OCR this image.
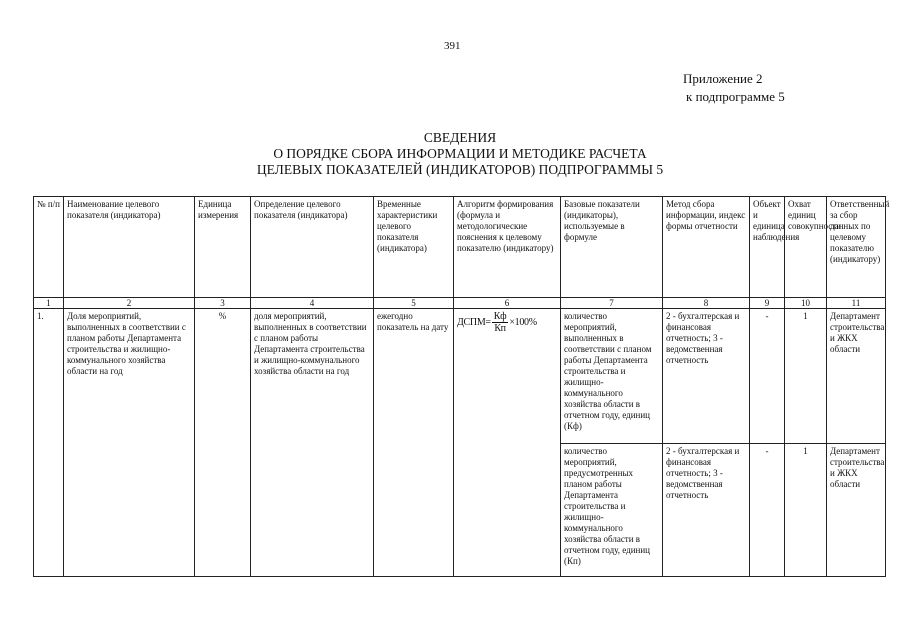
391
Приложение 2
к подпрограмме 5
СВЕДЕНИЯ
О ПОРЯДКЕ СБОРА ИНФОРМАЦИИ И МЕТОДИКЕ РАСЧЕТА
ЦЕЛЕВЫХ ПОКАЗАТЕЛЕЙ (ИНДИКАТОРОВ) ПОДПРОГРАММЫ 5
№ п/п	Наименование целевого показателя (индикатора)	Единица измерения	Определение целевого показателя (индикатора)	Временные характеристики целевого показателя (индикатора)	Алгоритм формирования (формула и методологические пояснения к целевому показателю (индикатору)	Базовые показатели (индикаторы), используемые в формуле	Метод сбора информации, индекс формы отчетности	Объект и единица наблюдения	Охват единиц совокупности	Ответственный за сбор данных по целевому показателю (индикатору)
1	2	3	4	5	6	7	8	9	10	11
1.	Доля мероприятий, выполненных в соответствии с планом работы Департамента строительства и жилищно-коммунального хозяйства области на год	%	доля мероприятий, выполненных в соответствии с планом работы Департамента строительства и жилищно-коммунального хозяйства области на год	ежегодно показатель на дату	ДСПМ = $\frac{Кф}{Кп} \times 100\%$	количество мероприятий, выполненных в соответствии с планом работы Департамента строительства и жилищно-коммунального хозяйства области в отчетном году, единиц (Кф)	2 - бухгалтерская и финансовая отчетность; 3 - ведомственная отчетность	-	1	Департамент строительства и ЖКХ области
						количество мероприятий, предусмотренных планом работы Департамента строительства и жилищно-коммунального хозяйства области в отчетном году, единиц (Кп)	2 - бухгалтерская и финансовая отчетность; 3 - ведомственная отчетность	-	1	Департамент строительства и ЖКХ области
